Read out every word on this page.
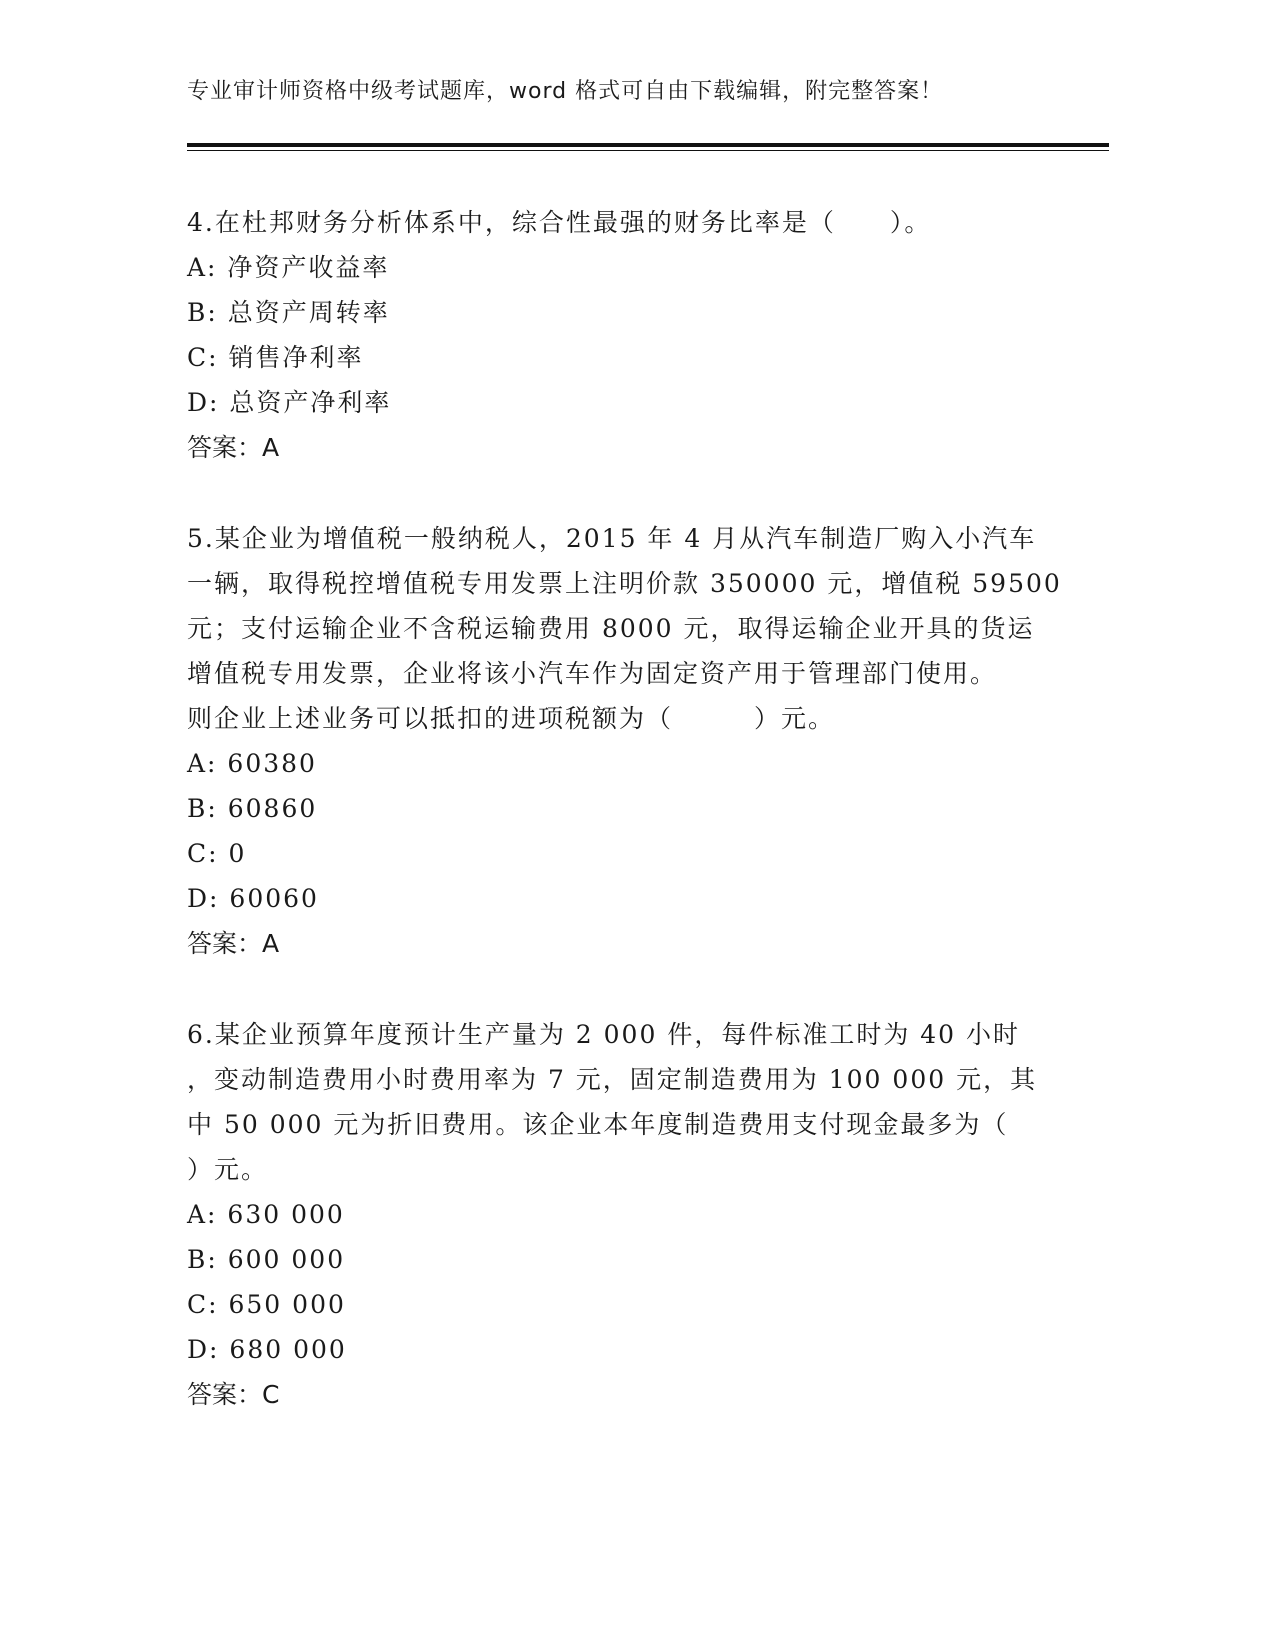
专业审计师资格中级考试题库，word 格式可自由下载编辑，附完整答案！

4.在杜邦财务分析体系中，综合性最强的财务比率是（　　）。

A: 净资产收益率

B: 总资产周转率

C: 销售净利率

D: 总资产净利率

答案：A

5.某企业为增值税一般纳税人，2015 年 4 月从汽车制造厂购入小汽车

一辆，取得税控增值税专用发票上注明价款 350000 元，增值税 59500

元；支付运输企业不含税运输费用 8000 元，取得运输企业开具的货运

增值税专用发票，企业将该小汽车作为固定资产用于管理部门使用。

则企业上述业务可以抵扣的进项税额为（　　　）元。

A: 60380

B: 60860

C: 0

D: 60060

答案：A

6.某企业预算年度预计生产量为 2 000 件，每件标准工时为 40 小时

，变动制造费用小时费用率为 7 元，固定制造费用为 100 000 元，其

中 50 000 元为折旧费用。该企业本年度制造费用支付现金最多为（

）元。

A: 630 000

B: 600 000

C: 650 000

D: 680 000

答案：C
